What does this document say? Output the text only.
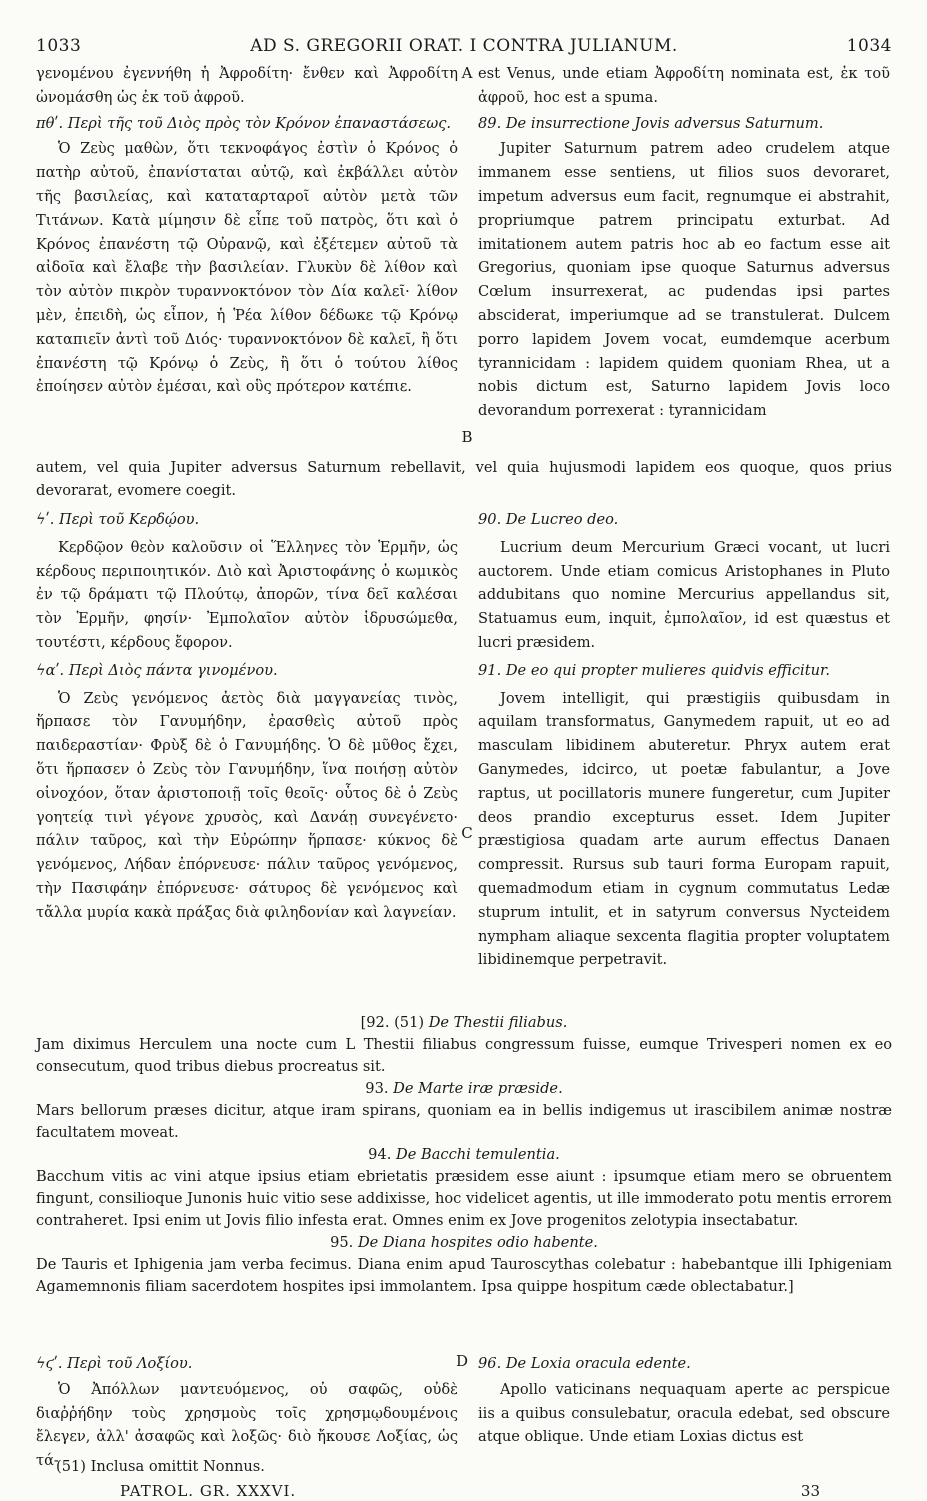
1033	AD S. GREGORII ORAT. I CONTRA JULIANUM.	1034

γενομένου ἐγεννήθη ἡ Ἀφροδίτη· ἔνθεν καὶ Ἀφροδίτη ὠνομάσθη ὡς ἐκ τοῦ ἀφροῦ.

πθʹ. Περὶ τῆς τοῦ Διὸς πρὸς τὸν Κρόνον ἐπαναστάσεως.

Ὁ Ζεὺς μαθὼν, ὅτι τεκνοφάγος ἐστὶν ὁ Κρόνος ὁ πατὴρ αὐτοῦ, ἐπανίσταται αὐτῷ, καὶ ἐκβάλλει αὐτὸν τῆς βασιλείας, καὶ καταταρταροῖ αὐτὸν μετὰ τῶν Τιτάνων. Κατὰ μίμησιν δὲ εἶπε τοῦ πατρὸς, ὅτι καὶ ὁ Κρόνος ἐπανέστη τῷ Οὐρανῷ, καὶ ἐξέτεμεν αὐτοῦ τὰ αἰδοῖα καὶ ἔλαβε τὴν βασιλείαν. Γλυκὺν δὲ λίθον καὶ τὸν αὐτὸν πικρὸν τυραννοκτόνον τὸν Δία καλεῖ· λίθον μὲν, ἐπειδὴ, ὡς εἶπον, ἡ Ῥέα λίθον δέδωκε τῷ Κρόνῳ καταπιεῖν ἀντὶ τοῦ Διός· τυραννοκτόνον δὲ καλεῖ, ἢ ὅτι ἐπανέστη τῷ Κρόνῳ ὁ Ζεὺς, ἢ ὅτι ὁ τούτου λίθος ἐποίησεν αὐτὸν ἐμέσαι, καὶ οὓς πρότερον κατέπιε.

est Venus, unde etiam Ἀφροδίτη nominata est, ἐκ τοῦ ἀφροῦ, hoc est a spuma.

89. De insurrectione Jovis adversus Saturnum.

Jupiter Saturnum patrem adeo crudelem atque immanem esse sentiens, ut filios suos devoraret, impetum adversus eum facit, regnumque ei abstrahit, propriumque patrem principatu exturbat. Ad imitationem autem patris hoc ab eo factum esse ait Gregorius, quoniam ipse quoque Saturnus adversus Cœlum insurrexerat, ac pudendas ipsi partes absciderat, imperiumque ad se transtulerat. Dulcem porro lapidem Jovem vocat, eumdemque acerbum tyrannicidam : lapidem quidem quoniam Rhea, ut a nobis dictum est, Saturno lapidem Jovis loco devorandum porrexerat : tyrannicidam

A
B

autem, vel quia Jupiter adversus Saturnum rebellavit, vel quia hujusmodi lapidem eos quoque, quos prius devorarat, evomere coegit.

ϟʹ. Περὶ τοῦ Κερδῴου.

Κερδῷον θεὸν καλοῦσιν οἱ Ἕλληνες τὸν Ἑρμῆν, ὡς κέρδους περιποιητικόν. Διὸ καὶ Ἀριστοφάνης ὁ κωμικὸς ἐν τῷ δράματι τῷ Πλούτῳ, ἀπορῶν, τίνα δεῖ καλέσαι τὸν Ἑρμῆν, φησίν· Ἐμπολαῖον αὐτὸν ἱδρυσώμεθα, τουτέστι, κέρδους ἔφορον.

ϟαʹ. Περὶ Διὸς πάντα γινομένου.

Ὁ Ζεὺς γενόμενος ἀετὸς διὰ μαγγανείας τινὸς, ἥρπασε τὸν Γανυμήδην, ἐρασθεὶς αὐτοῦ πρὸς παιδεραστίαν· Φρὺξ δὲ ὁ Γανυμήδης. Ὁ δὲ μῦθος ἔχει, ὅτι ἥρπασεν ὁ Ζεὺς τὸν Γανυμήδην, ἵνα ποιήσῃ αὐτὸν οἰνοχόον, ὅταν ἀριστοποιῇ τοῖς θεοῖς· οὗτος δὲ ὁ Ζεὺς γοητείᾳ τινὶ γέγονε χρυσὸς, καὶ Δανάῃ συνεγένετο· πάλιν ταῦρος, καὶ τὴν Εὐρώπην ἥρπασε· κύκνος δὲ γενόμενος, Λήδαν ἐπόρνευσε· πάλιν ταῦρος γενόμενος, τὴν Πασιφάην ἐπόρνευσε· σάτυρος δὲ γενόμενος καὶ τἄλλα μυρία κακὰ πράξας διὰ φιληδονίαν καὶ λαγνείαν.

90. De Lucreo deo.

Lucrium deum Mercurium Græci vocant, ut lucri auctorem. Unde etiam comicus Aristophanes in Pluto addubitans quo nomine Mercurius appellandus sit, Statuamus eum, inquit, ἐμπολαῖον, id est quæstus et lucri præsidem.

91. De eo qui propter mulieres quidvis efficitur.

Jovem intelligit, qui præstigiis quibusdam in aquilam transformatus, Ganymedem rapuit, ut eo ad masculam libidinem abuteretur. Phryx autem erat Ganymedes, idcirco, ut poetæ fabulantur, a Jove raptus, ut pocillatoris munere fungeretur, cum Jupiter deos prandio excepturus esset. Idem Jupiter præstigiosa quadam arte aurum effectus Danaen compressit. Rursus sub tauri forma Europam rapuit, quemadmodum etiam in cygnum commutatus Ledæ stuprum intulit, et in satyrum conversus Nycteidem nympham aliaque sexcenta flagitia propter voluptatem libidinemque perpetravit.

C

[92. (51) De Thestii filiabus.

Jam diximus Herculem una nocte cum L Thestii filiabus congressum fuisse, eumque Trivesperi nomen ex eo consecutum, quod tribus diebus procreatus sit.

93. De Marte iræ præside.

Mars bellorum præses dicitur, atque iram spirans, quoniam ea in bellis indigemus ut irascibilem animæ nostræ facultatem moveat.

94. De Bacchi temulentia.

Bacchum vitis ac vini atque ipsius etiam ebrietatis præsidem esse aiunt : ipsumque etiam mero se obruentem fingunt, consilioque Junonis huic vitio sese addixisse, hoc videlicet agentis, ut ille immoderato potu mentis errorem contraheret. Ipsi enim ut Jovis filio infesta erat. Omnes enim ex Jove progenitos zelotypia insectabatur.

95. De Diana hospites odio habente.

De Tauris et Iphigenia jam verba fecimus. Diana enim apud Tauroscythas colebatur : habebantque illi Iphigeniam Agamemnonis filiam sacerdotem hospites ipsi immolantem. Ipsa quippe hospitum cæde oblectabatur.]

ϟϛʹ. Περὶ τοῦ Λοξίου.

Ὁ Ἀπόλλων μαντευόμενος, οὐ σαφῶς, οὐδὲ διαῤῥήδην τοὺς χρησμοὺς τοῖς χρησμῳδουμένοις ἔλεγεν, ἀλλ' ἀσαφῶς καὶ λοξῶς· διὸ ἤκουσε Λοξίας, ὡς τά-

96. De Loxia oracula edente.

Apollo vaticinans nequaquam aperte ac perspicue iis a quibus consulebatur, oracula edebat, sed obscure atque oblique. Unde etiam Loxias dictus est

D
(51) Inclusa omittit Nonnus.
PATROL. GR. XXXVI.	33
